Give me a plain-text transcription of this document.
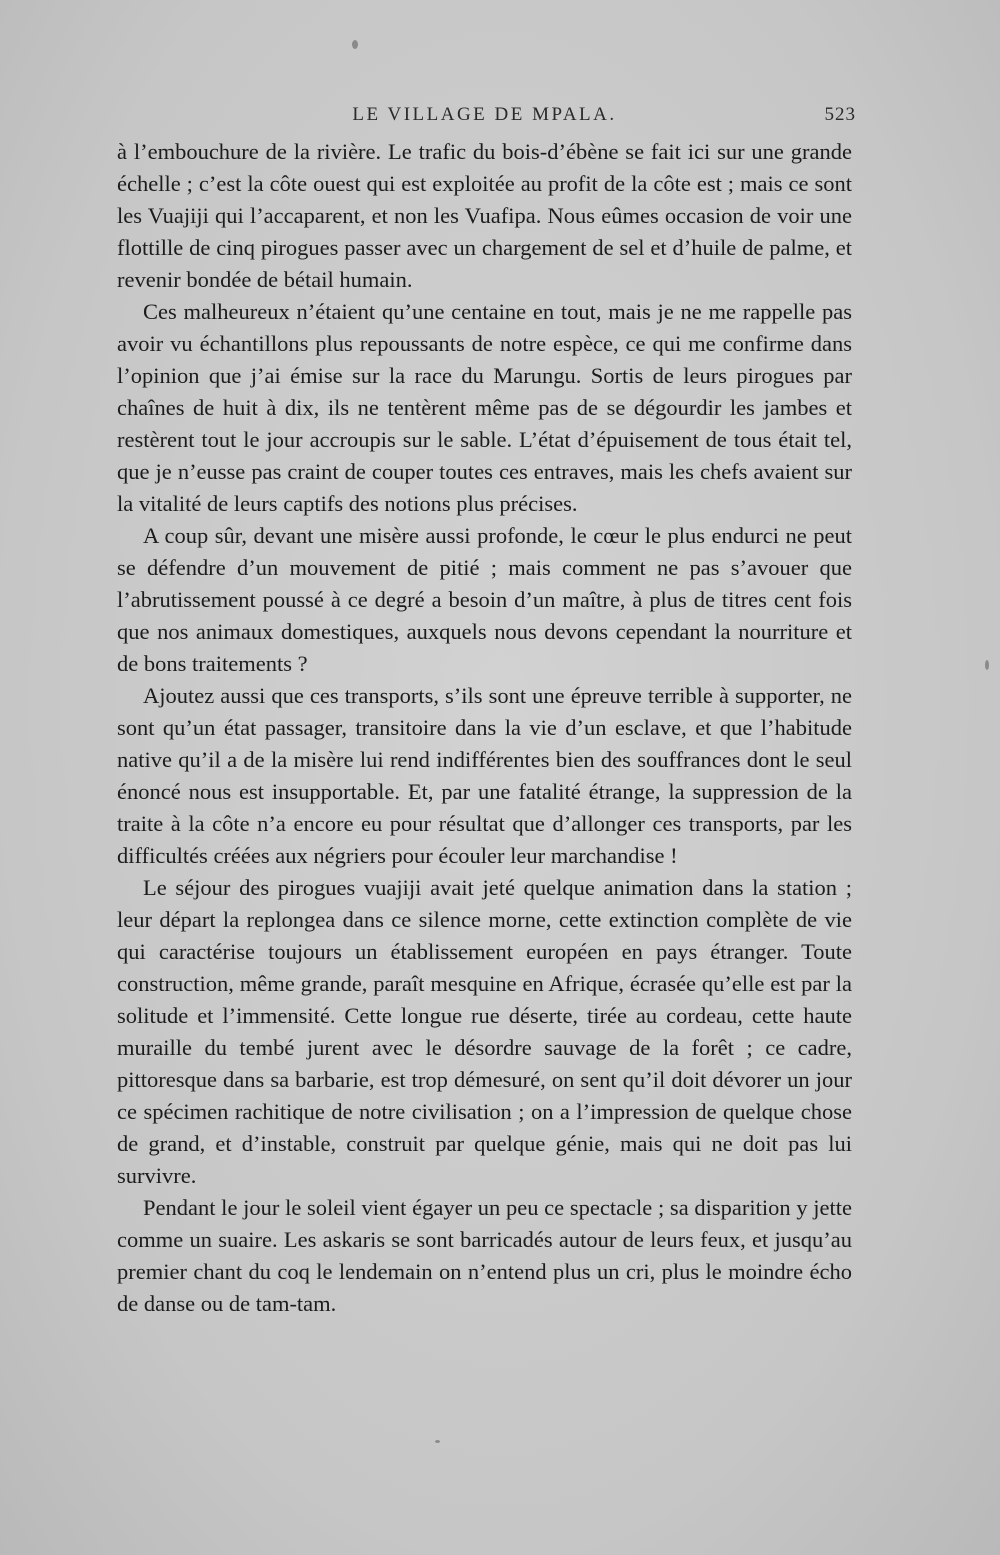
LE VILLAGE DE MPALA.	523

à l’embouchure de la rivière. Le trafic du bois-d’ébène se fait ici sur une grande échelle ; c’est la côte ouest qui est exploitée au profit de la côte est ; mais ce sont les Vuajiji qui l’accaparent, et non les Vuafipa. Nous eûmes occasion de voir une flottille de cinq pirogues passer avec un chargement de sel et d’huile de palme, et revenir bondée de bétail humain.

Ces malheureux n’étaient qu’une centaine en tout, mais je ne me rappelle pas avoir vu échantillons plus repoussants de notre espèce, ce qui me confirme dans l’opinion que j’ai émise sur la race du Marungu. Sortis de leurs pirogues par chaînes de huit à dix, ils ne tentèrent même pas de se dégourdir les jambes et restèrent tout le jour accroupis sur le sable. L’état d’épuisement de tous était tel, que je n’eusse pas craint de couper toutes ces entraves, mais les chefs avaient sur la vitalité de leurs captifs des notions plus précises.

A coup sûr, devant une misère aussi profonde, le cœur le plus endurci ne peut se défendre d’un mouvement de pitié ; mais comment ne pas s’avouer que l’abrutissement poussé à ce degré a besoin d’un maître, à plus de titres cent fois que nos animaux domestiques, auxquels nous devons cependant la nourriture et de bons traitements ?

Ajoutez aussi que ces transports, s’ils sont une épreuve terrible à supporter, ne sont qu’un état passager, transitoire dans la vie d’un esclave, et que l’habitude native qu’il a de la misère lui rend indifférentes bien des souffrances dont le seul énoncé nous est insupportable. Et, par une fatalité étrange, la suppression de la traite à la côte n’a encore eu pour résultat que d’allonger ces transports, par les difficultés créées aux négriers pour écouler leur marchandise !

Le séjour des pirogues vuajiji avait jeté quelque animation dans la station ; leur départ la replongea dans ce silence morne, cette extinction complète de vie qui caractérise toujours un établissement européen en pays étranger. Toute construction, même grande, paraît mesquine en Afrique, écrasée qu’elle est par la solitude et l’immensité. Cette longue rue déserte, tirée au cordeau, cette haute muraille du tembé jurent avec le désordre sauvage de la forêt ; ce cadre, pittoresque dans sa barbarie, est trop démesuré, on sent qu’il doit dévorer un jour ce spécimen rachitique de notre civilisation ; on a l’impression de quelque chose de grand, et d’instable, construit par quelque génie, mais qui ne doit pas lui survivre.

Pendant le jour le soleil vient égayer un peu ce spectacle ; sa disparition y jette comme un suaire. Les askaris se sont barricadés autour de leurs feux, et jusqu’au premier chant du coq le lendemain on n’entend plus un cri, plus le moindre écho de danse ou de tam-tam.
